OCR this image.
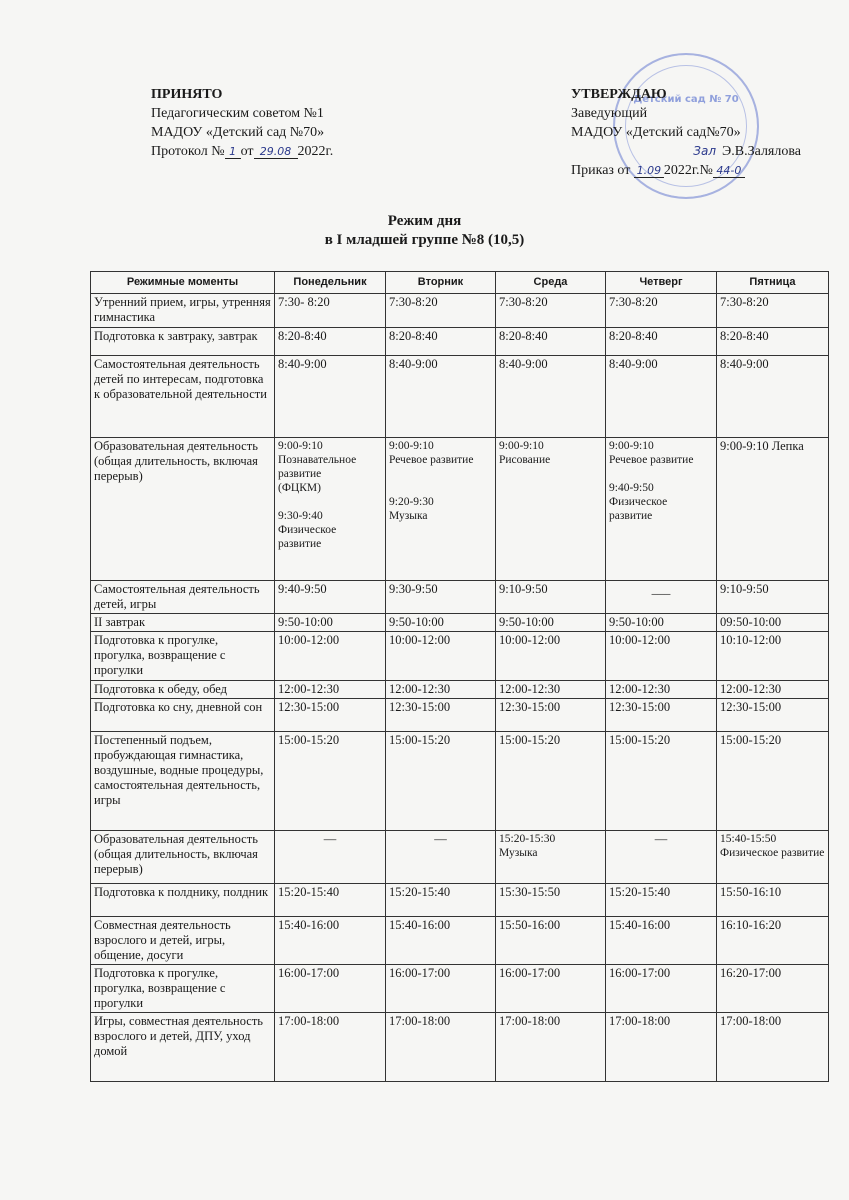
ПРИНЯТО
Педагогическим советом №1
МАДОУ «Детский сад №70»
Протокол № 1 от 29.08 2022г.
Детский сад № 70
УТВЕРЖДАЮ
Заведующий
МАДОУ «Детский сад№70»
Зал Э.В.Залялова
Приказ от 1.09 2022г.№ 44-0
Режим дня
в I младшей группе №8 (10,5)
Режимные моменты	Понедельник	Вторник	Среда	Четверг	Пятница
Утренний прием, игры, утренняя гимнастика	7:30- 8:20	7:30-8:20	7:30-8:20	7:30-8:20	7:30-8:20
Подготовка к завтраку, завтрак	8:20-8:40	8:20-8:40	8:20-8:40	8:20-8:40	8:20-8:40
Самостоятельная деятельность детей по интересам, подготовка к образовательной деятельности	8:40-9:00	8:40-9:00	8:40-9:00	8:40-9:00	8:40-9:00
Образовательная деятельность (общая длительность, включая перерыв)	9:00-9:10
Познавательное развитие
(ФЦКМ)

9:30-9:40
Физическое развитие	9:00-9:10
Речевое развитие

9:20-9:30
Музыка	9:00-9:10
Рисование	9:00-9:10
Речевое развитие

9:40-9:50
Физическое развитие	9:00-9:10 Лепка
Самостоятельная деятельность детей, игры	9:40-9:50	9:30-9:50	9:10-9:50	___	9:10-9:50
II завтрак	9:50-10:00	9:50-10:00	9:50-10:00	9:50-10:00	09:50-10:00
Подготовка к прогулке, прогулка, возвращение с прогулки	10:00-12:00	10:00-12:00	10:00-12:00	10:00-12:00	10:10-12:00
Подготовка к обеду, обед	12:00-12:30	12:00-12:30	12:00-12:30	12:00-12:30	12:00-12:30
Подготовка ко сну, дневной сон	12:30-15:00	12:30-15:00	12:30-15:00	12:30-15:00	12:30-15:00
Постепенный подъем, пробуждающая гимнастика, воздушные, водные процедуры, самостоятельная деятельность, игры	15:00-15:20	15:00-15:20	15:00-15:20	15:00-15:20	15:00-15:20
Образовательная деятельность (общая длительность, включая перерыв)	—	—	15:20-15:30
Музыка	—	15:40-15:50
Физическое развитие
Подготовка к полднику, полдник	15:20-15:40	15:20-15:40	15:30-15:50	15:20-15:40	15:50-16:10
Совместная деятельность взрослого и детей, игры, общение, досуги	15:40-16:00	15:40-16:00	15:50-16:00	15:40-16:00	16:10-16:20
Подготовка к прогулке, прогулка, возвращение с прогулки	16:00-17:00	16:00-17:00	16:00-17:00	16:00-17:00	16:20-17:00
Игры, совместная деятельность взрослого и детей, ДПУ, уход домой	17:00-18:00	17:00-18:00	17:00-18:00	17:00-18:00	17:00-18:00
